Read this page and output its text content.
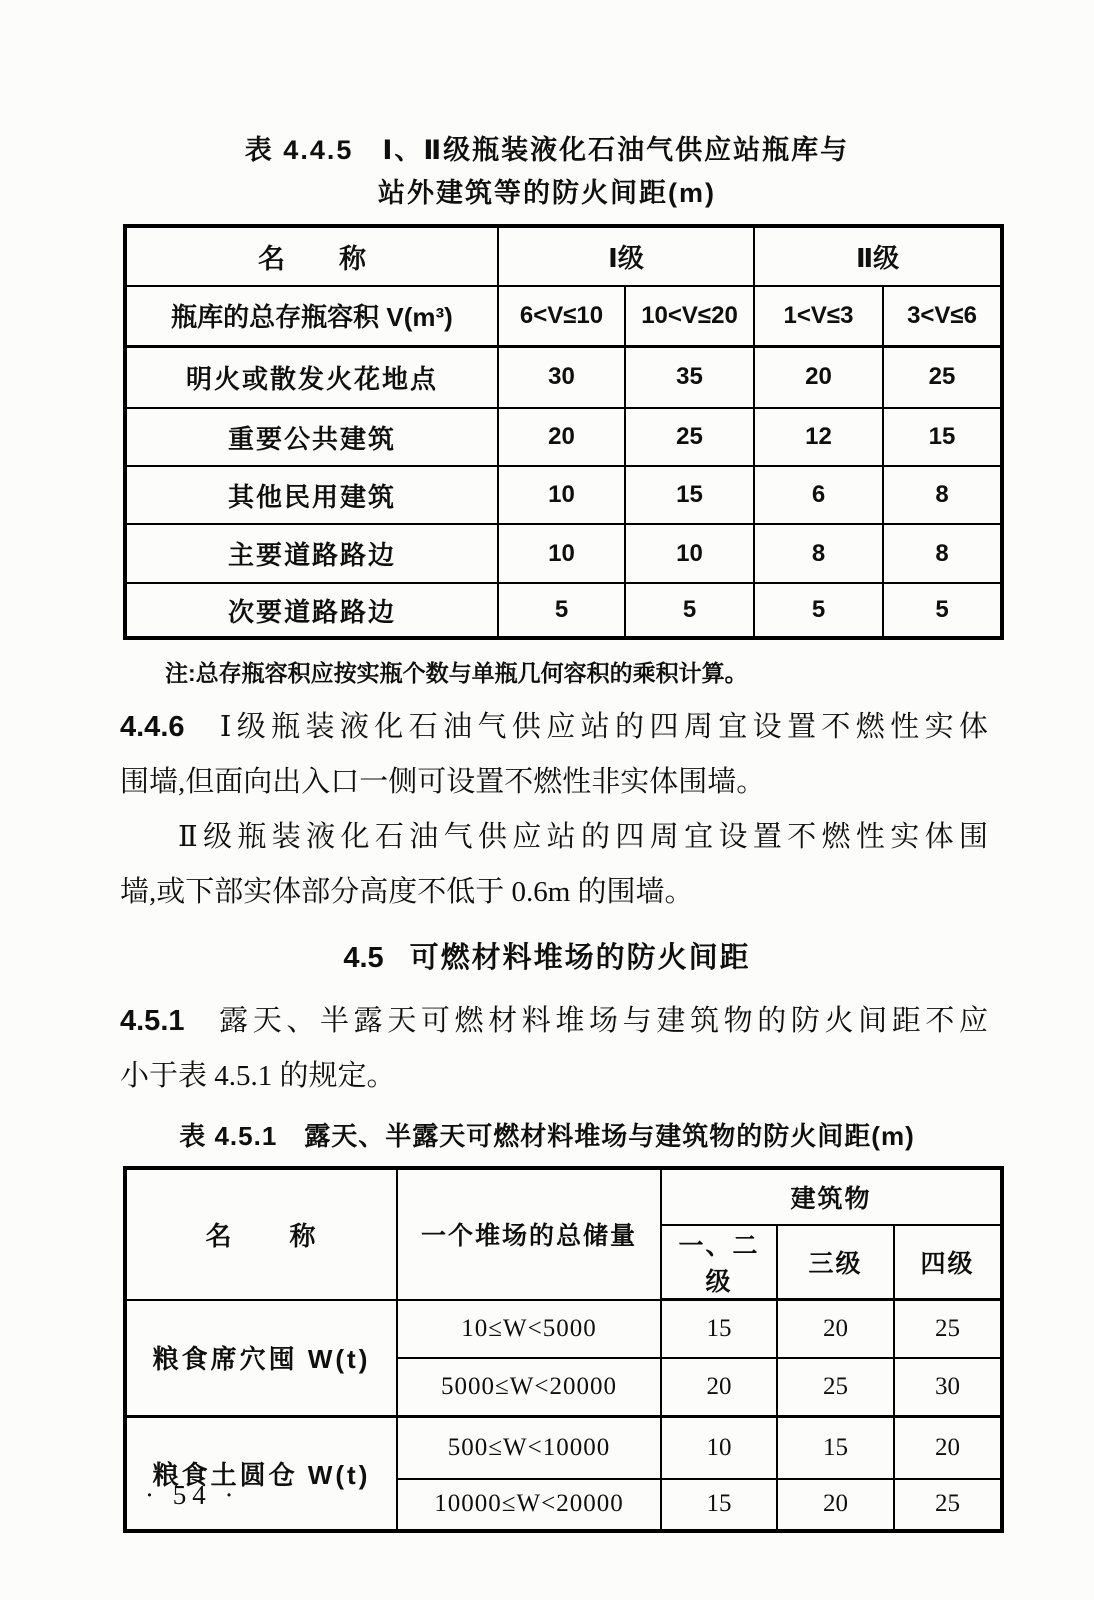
表 4.4.5　Ⅰ、Ⅱ级瓶装液化石油气供应站瓶库与
站外建筑等的防火间距(m)
名　　称	Ⅰ级		Ⅱ级	
瓶库的总存瓶容积 V(m³)	6<V≤10	10<V≤20	1<V≤3	3<V≤6
明火或散发火花地点	30	35	20	25
重要公共建筑	20	25	12	15
其他民用建筑	10	15	6	8
主要道路路边	10	10	8	8
次要道路路边	5	5	5	5
注:总存瓶容积应按实瓶个数与单瓶几何容积的乘积计算。
4.4.6 Ⅰ级瓶装液化石油气供应站的四周宜设置不燃性实体
围墙,但面向出入口一侧可设置不燃性非实体围墙。
Ⅱ级瓶装液化石油气供应站的四周宜设置不燃性实体围
墙,或下部实体部分高度不低于 0.6m 的围墙。
4.5 可燃材料堆场的防火间距
4.5.1 露天、半露天可燃材料堆场与建筑物的防火间距不应
小于表 4.5.1 的规定。
表 4.5.1　露天、半露天可燃材料堆场与建筑物的防火间距(m)
名　　称	一个堆场的总储量	建筑物		
		一、二级	三级	四级
粮食席穴囤 W(t)	10≤W<5000	15	20	25
	5000≤W<20000	20	25	30
粮食土圆仓 W(t)	500≤W<10000	10	15	20
	10000≤W<20000	15	20	25
· 54 ·
